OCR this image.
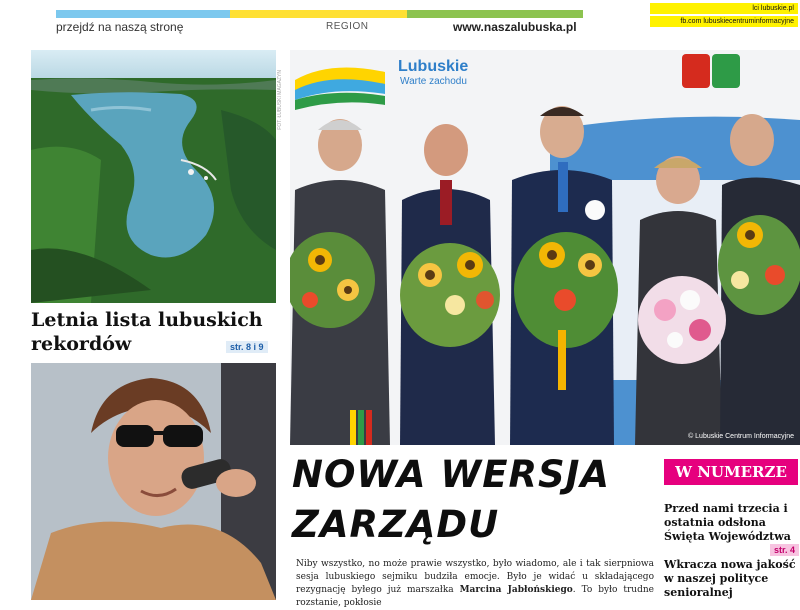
przejdź na naszą stronę	REGION	www.naszalubuska.pl
lci lubuskie.pl
fb.com lubuskiecentruminformacyjne
FOT. ŁUBUSKI MAGAZYN
Letnia lista lubuskich rekordów	str. 8 i 9
Lubuskie
Warte zachodu
© Lubuskie Centrum Informacyjne
NOWA WERSJA
ZARZĄDU

Niby wszystko, no może prawie wszystko, było wiadomo, ale i tak sierpniowa sesja lubuskiego sejmiku budziła emocje. Było je widać u składającego rezygnację byłego już marszałka Marcina Jabłońskiego. To było trudne rozstanie, pokłosie

W NUMERZE

Przed nami trzecia i ostatnia odsłona Święta Województwa

str. 4

Wkracza nowa jakość w naszej polityce senioralnej
